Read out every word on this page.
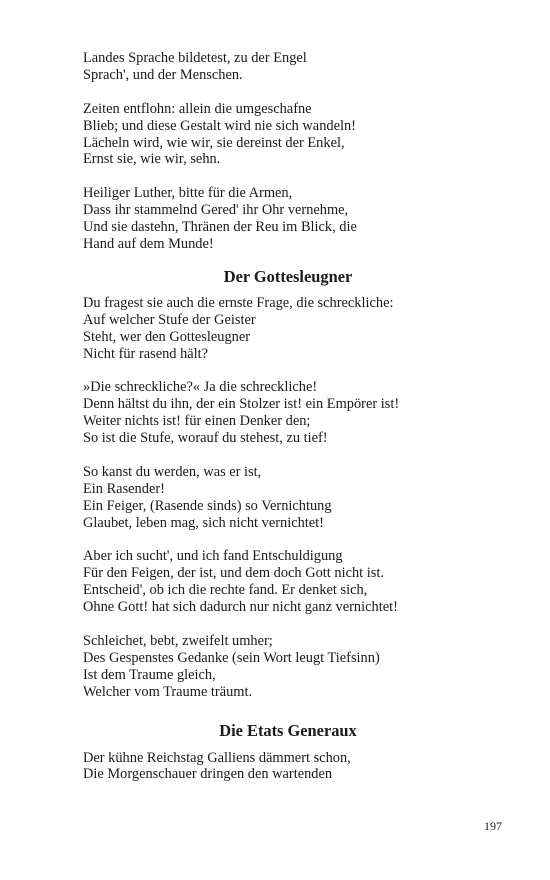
Landes Sprache bildetest, zu der Engel
Sprach', und der Menschen.
Zeiten entflohn: allein die umgeschafne
Blieb; und diese Gestalt wird nie sich wandeln!
Lächeln wird, wie wir, sie dereinst der Enkel,
Ernst sie, wie wir, sehn.
Heiliger Luther, bitte für die Armen,
Dass ihr stammelnd Gered' ihr Ohr vernehme,
Und sie dastehn, Thränen der Reu im Blick, die
Hand auf dem Munde!
Der Gottesleugner
Du fragest sie auch die ernste Frage, die schreckliche:
Auf welcher Stufe der Geister
Steht, wer den Gottesleugner
Nicht für rasend hält?
»Die schreckliche?« Ja die schreckliche!
Denn hältst du ihn, der ein Stolzer ist! ein Empörer ist!
Weiter nichts ist! für einen Denker den;
So ist die Stufe, worauf du stehest, zu tief!
So kanst du werden, was er ist,
Ein Rasender!
Ein Feiger, (Rasende sinds) so Vernichtung
Glaubet, leben mag, sich nicht vernichtet!
Aber ich sucht', und ich fand Entschuldigung
Für den Feigen, der ist, und dem doch Gott nicht ist.
Entscheid', ob ich die rechte fand. Er denket sich,
Ohne Gott! hat sich dadurch nur nicht ganz vernichtet!
Schleichet, bebt, zweifelt umher;
Des Gespenstes Gedanke (sein Wort leugt Tiefsinn)
Ist dem Traume gleich,
Welcher vom Traume träumt.
Die Etats Generaux
Der kühne Reichstag Galliens dämmert schon,
Die Morgenschauer dringen den wartenden
197
